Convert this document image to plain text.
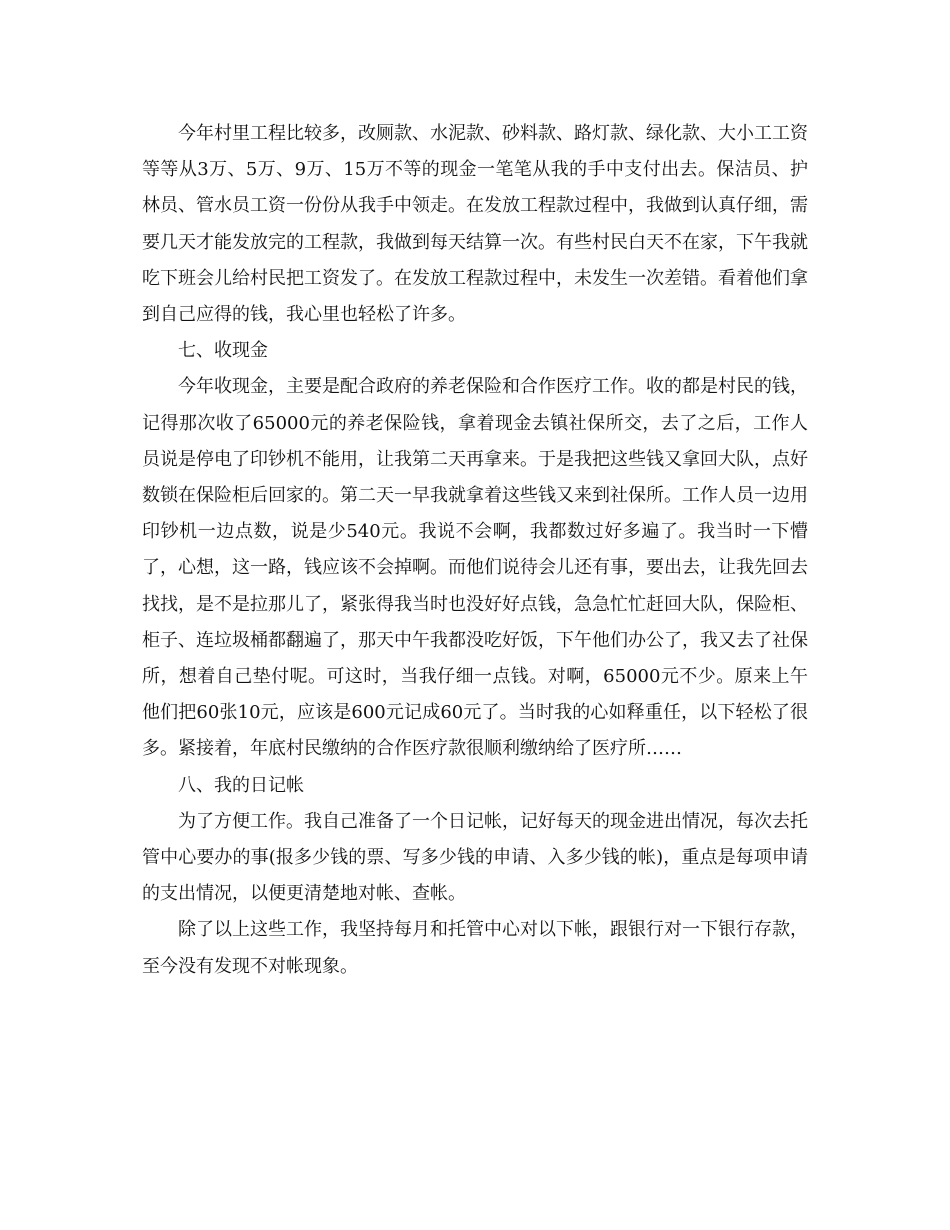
今年村里工程比较多，改厕款、水泥款、砂料款、路灯款、绿化款、大小工工资等等从3万、5万、9万、15万不等的现金一笔笔从我的手中支付出去。保洁员、护林员、管水员工资一份份从我手中领走。在发放工程款过程中，我做到认真仔细，需要几天才能发放完的工程款，我做到每天结算一次。有些村民白天不在家，下午我就吃下班会儿给村民把工资发了。在发放工程款过程中，未发生一次差错。看着他们拿到自己应得的钱，我心里也轻松了许多。

七、收现金

今年收现金，主要是配合政府的养老保险和合作医疗工作。收的都是村民的钱，记得那次收了65000元的养老保险钱，拿着现金去镇社保所交，去了之后，工作人员说是停电了印钞机不能用，让我第二天再拿来。于是我把这些钱又拿回大队，点好数锁在保险柜后回家的。第二天一早我就拿着这些钱又来到社保所。工作人员一边用印钞机一边点数，说是少540元。我说不会啊，我都数过好多遍了。我当时一下懵了，心想，这一路，钱应该不会掉啊。而他们说待会儿还有事，要出去，让我先回去找找，是不是拉那儿了，紧张得我当时也没好好点钱，急急忙忙赶回大队，保险柜、柜子、连垃圾桶都翻遍了，那天中午我都没吃好饭，下午他们办公了，我又去了社保所，想着自己垫付呢。可这时，当我仔细一点钱。对啊，65000元不少。原来上午他们把60张10元，应该是600元记成60元了。当时我的心如释重任，以下轻松了很多。紧接着，年底村民缴纳的合作医疗款很顺利缴纳给了医疗所……

八、我的日记帐

为了方便工作。我自己准备了一个日记帐，记好每天的现金进出情况，每次去托管中心要办的事(报多少钱的票、写多少钱的申请、入多少钱的帐)，重点是每项申请的支出情况，以便更清楚地对帐、查帐。

除了以上这些工作，我坚持每月和托管中心对以下帐，跟银行对一下银行存款，至今没有发现不对帐现象。
